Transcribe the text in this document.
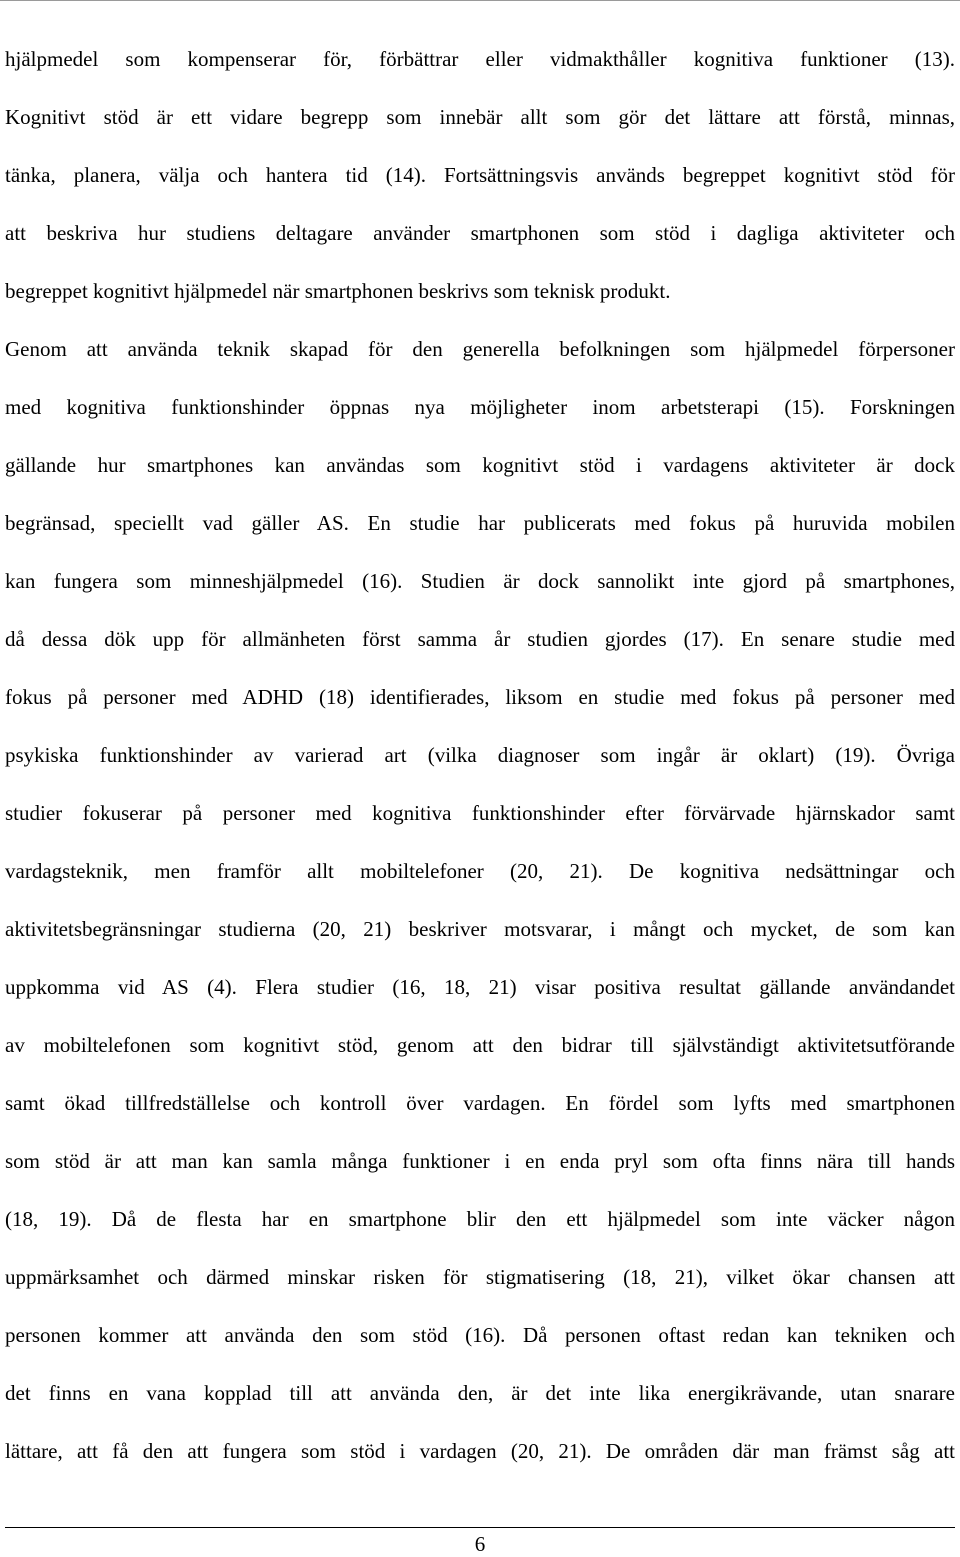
hjälpmedel som kompenserar för, förbättrar eller vidmakthåller kognitiva funktioner (13).
Kognitivt stöd är ett vidare begrepp som innebär allt som gör det lättare att förstå, minnas,
tänka, planera, välja och hantera tid (14). Fortsättningsvis används begreppet kognitivt stöd för
att beskriva hur studiens deltagare använder smartphonen som stöd i dagliga aktiviteter och
begreppet kognitivt hjälpmedel när smartphonen beskrivs som teknisk produkt.
Genom att använda teknik skapad för den generella befolkningen som hjälpmedel förpersoner
med kognitiva funktionshinder öppnas nya möjligheter inom arbetsterapi (15). Forskningen
gällande hur smartphones kan användas som kognitivt stöd i vardagens aktiviteter är dock
begränsad, speciellt vad gäller AS. En studie har publicerats med fokus på huruvida mobilen
kan fungera som minneshjälpmedel (16). Studien är dock sannolikt inte gjord på smartphones,
då dessa dök upp för allmänheten först samma år studien gjordes (17). En senare studie med
fokus på personer med ADHD (18) identifierades, liksom en studie med fokus på personer med
psykiska funktionshinder av varierad art (vilka diagnoser som ingår är oklart) (19). Övriga
studier fokuserar på personer med kognitiva funktionshinder efter förvärvade hjärnskador samt
vardagsteknik, men framför allt mobiltelefoner (20, 21). De kognitiva nedsättningar och
aktivitetsbegränsningar studierna (20, 21) beskriver motsvarar, i mångt och mycket, de som kan
uppkomma vid AS (4). Flera studier (16, 18, 21) visar positiva resultat gällande användandet
av mobiltelefonen som kognitivt stöd, genom att den bidrar till självständigt aktivitetsutförande
samt ökad tillfredställelse och kontroll över vardagen. En fördel som lyfts med smartphonen
som stöd är att man kan samla många funktioner i en enda pryl som ofta finns nära till hands
(18, 19). Då de flesta har en smartphone blir den ett hjälpmedel som inte väcker någon
uppmärksamhet och därmed minskar risken för stigmatisering (18, 21), vilket ökar chansen att
personen kommer att använda den som stöd (16). Då personen oftast redan kan tekniken och
det finns en vana kopplad till att använda den, är det inte lika energikrävande, utan snarare
lättare, att få den att fungera som stöd i vardagen (20, 21). De områden där man främst såg att
6
